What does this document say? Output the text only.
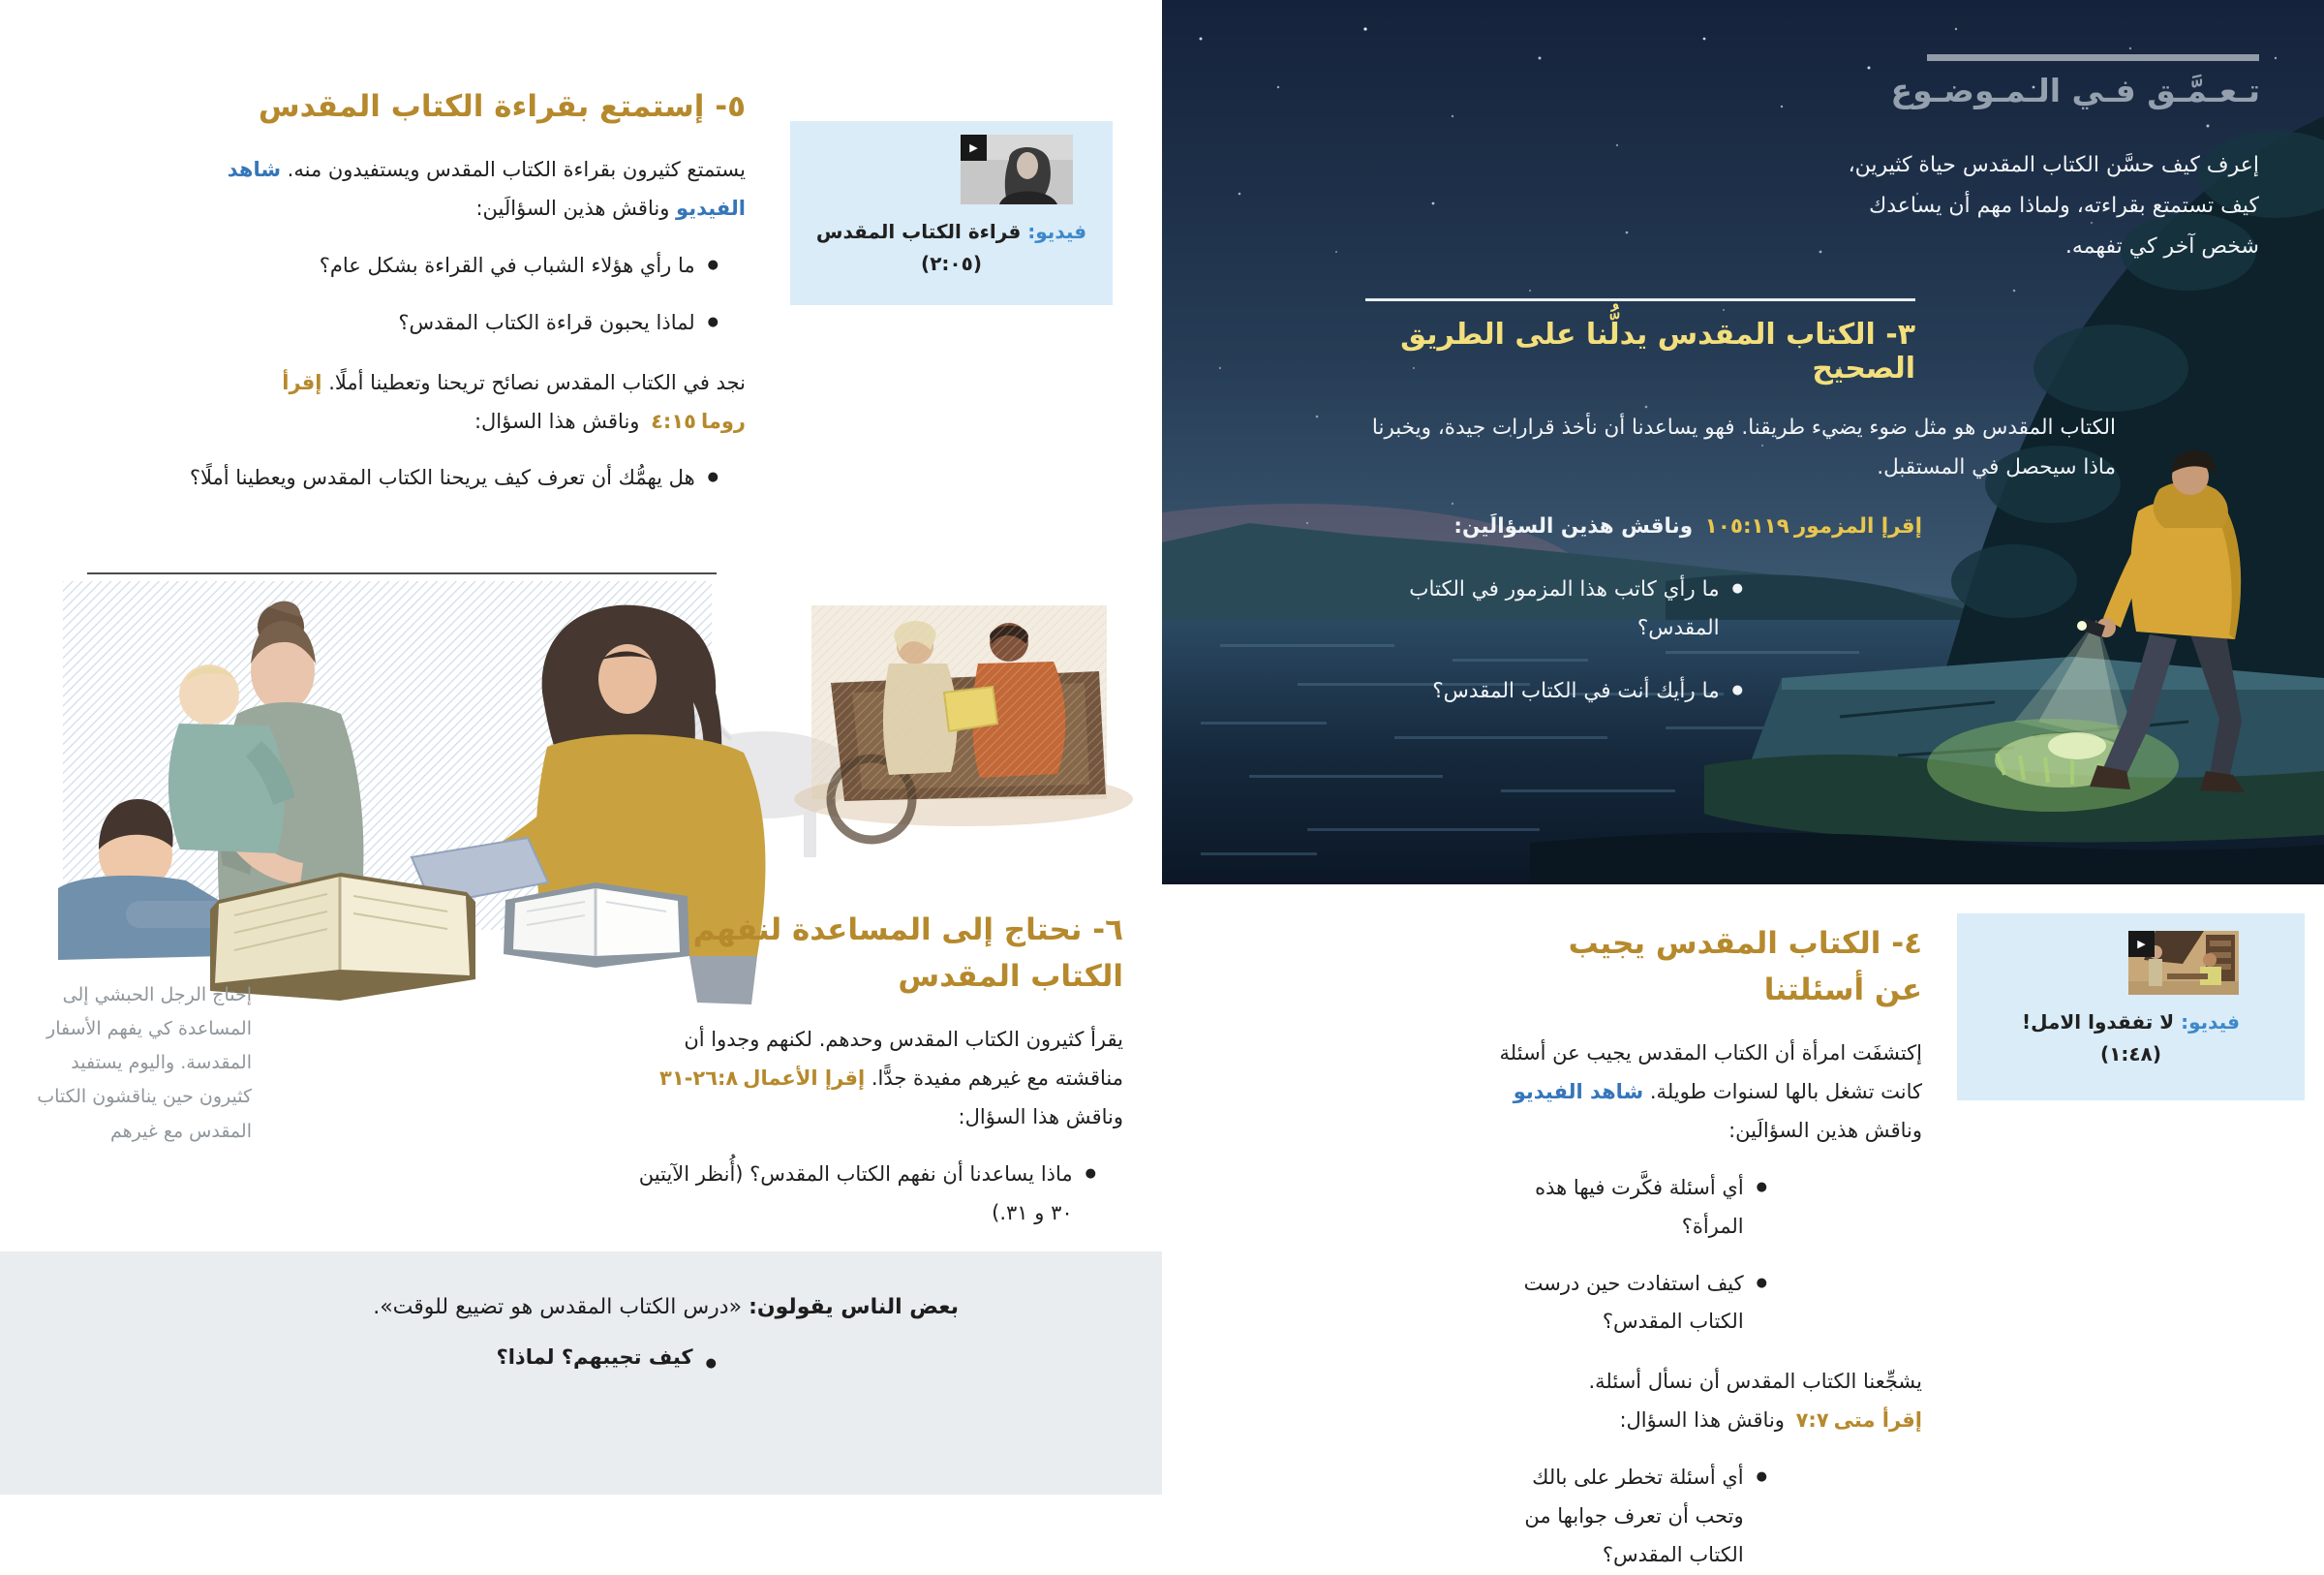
٥- إستمتع بقراءة الكتاب المقدس
يستمتع كثيرون بقراءة الكتاب المقدس ويستفيدون منه. شاهد الفيديو وناقش هذين السؤالَين:
●
ما رأي هؤلاء الشباب في القراءة بشكل عام؟
●
لماذا يحبون قراءة الكتاب المقدس؟
نجد في الكتاب المقدس نصائح تريحنا وتعطينا أملًا. إقرأ روما٤:١٥ وناقش هذا السؤال:
●
هل يهمُّك أن تعرف كيف يريحنا الكتاب المقدس ويعطينا أملًا؟
▶
فيديو: قراءة الكتاب المقدس
(٢:٠٥)
إحتاج الرجل الحبشي إلى المساعدة كي يفهم الأسفار المقدسة. واليوم يستفيد كثيرون حين يناقشون الكتاب المقدس مع غيرهم
٦- نحتاج إلى المساعدة لنفهم
الكتاب المقدس
يقرأ كثيرون الكتاب المقدس وحدهم. لكنهم وجدوا أن مناقشته مع غيرهم مفيدة جدًّا. إقرإ الأعمال٣١-٢٦:٨ وناقش هذا السؤال:
●
ماذا يساعدنا أن نفهم الكتاب المقدس؟ (أُنظر الآيتين ٣٠ و ٣١.)
بعض الناس يقولون: «درس الكتاب المقدس هو تضييع للوقت».
●
كيف تجيبهم؟ لماذا؟
تـعـمَّـق فـي الـمـوضـوع
إعرف كيف حسَّن الكتاب المقدس حياة كثيرين، كيف تستمتع بقراءته، ولماذا مهم أن يساعدك شخص آخر كي تفهمه.
٣- الكتاب المقدس يدلُّنا على الطريق الصحيح
الكتاب المقدس هو مثل ضوء يضيء طريقنا. فهو يساعدنا أن نأخذ قرارات جيدة، ويخبرنا ماذا سيحصل في المستقبل.
إقرإ المزمور١٠٥:١١٩ وناقش هذين السؤالَين:
●
ما رأي كاتب هذا المزمور في الكتاب المقدس؟
●
ما رأيك أنت في الكتاب المقدس؟
٤- الكتاب المقدس يجيب
عن أسئلتنا
إكتشفَت امرأة أن الكتاب المقدس يجيب عن أسئلة كانت تشغل بالها لسنوات طويلة. شاهد الفيديو وناقش هذين السؤالَين:
●
أي أسئلة فكَّرت فيها هذه المرأة؟
●
كيف استفادت حين درست الكتاب المقدس؟
يشجِّعنا الكتاب المقدس أن نسأل أسئلة. إقرأ متى٧:٧ وناقش هذا السؤال:
●
أي أسئلة تخطر على بالك وتحب أن تعرف جوابها من الكتاب المقدس؟
▶
فيديو: لا تفقدوا الامل!
(١:٤٨)
